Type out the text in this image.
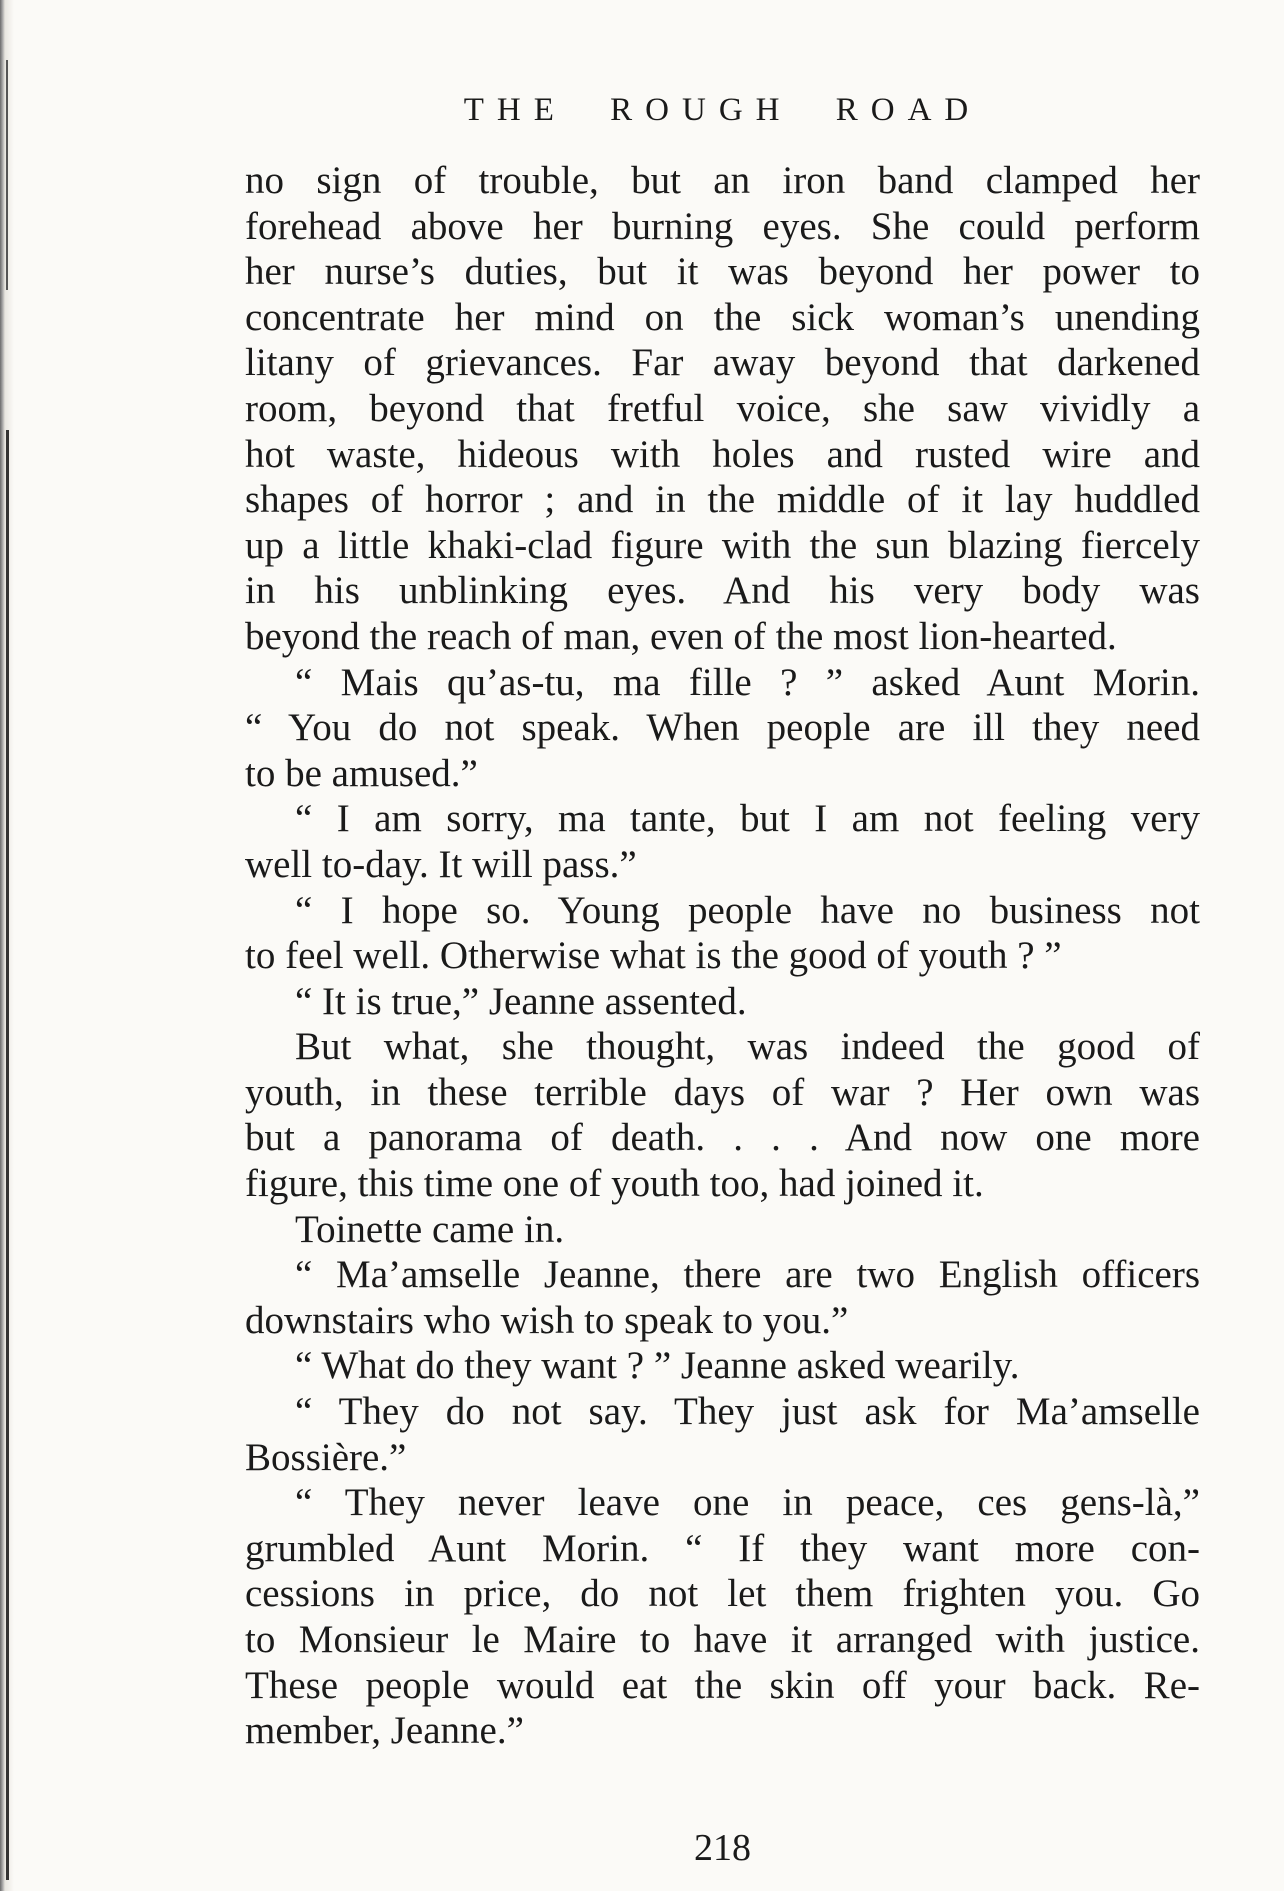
THE ROUGH ROAD
no sign of trouble, but an iron band clamped her
forehead above her burning eyes. She could perform
her nurse’s duties, but it was beyond her power to
concentrate her mind on the sick woman’s unending
litany of grievances. Far away beyond that darkened
room, beyond that fretful voice, she saw vividly a
hot waste, hideous with holes and rusted wire and
shapes of horror ; and in the middle of it lay huddled
up a little khaki-clad figure with the sun blazing fiercely
in his unblinking eyes. And his very body was
beyond the reach of man, even of the most lion-hearted.
“ Mais qu’as-tu, ma fille ? ” asked Aunt Morin.
“ You do not speak. When people are ill they need
to be amused.”
“ I am sorry, ma tante, but I am not feeling very
well to-day. It will pass.”
“ I hope so. Young people have no business not
to feel well. Otherwise what is the good of youth ? ”
“ It is true,” Jeanne assented.
But what, she thought, was indeed the good of
youth, in these terrible days of war ? Her own was
but a panorama of death. . . . And now one more
figure, this time one of youth too, had joined it.
Toinette came in.
“ Ma’amselle Jeanne, there are two English officers
downstairs who wish to speak to you.”
“ What do they want ? ” Jeanne asked wearily.
“ They do not say. They just ask for Ma’amselle
Bossière.”
“ They never leave one in peace, ces gens-là,”
grumbled Aunt Morin. “ If they want more con-
cessions in price, do not let them frighten you. Go
to Monsieur le Maire to have it arranged with justice.
These people would eat the skin off your back. Re-
member, Jeanne.”
218
